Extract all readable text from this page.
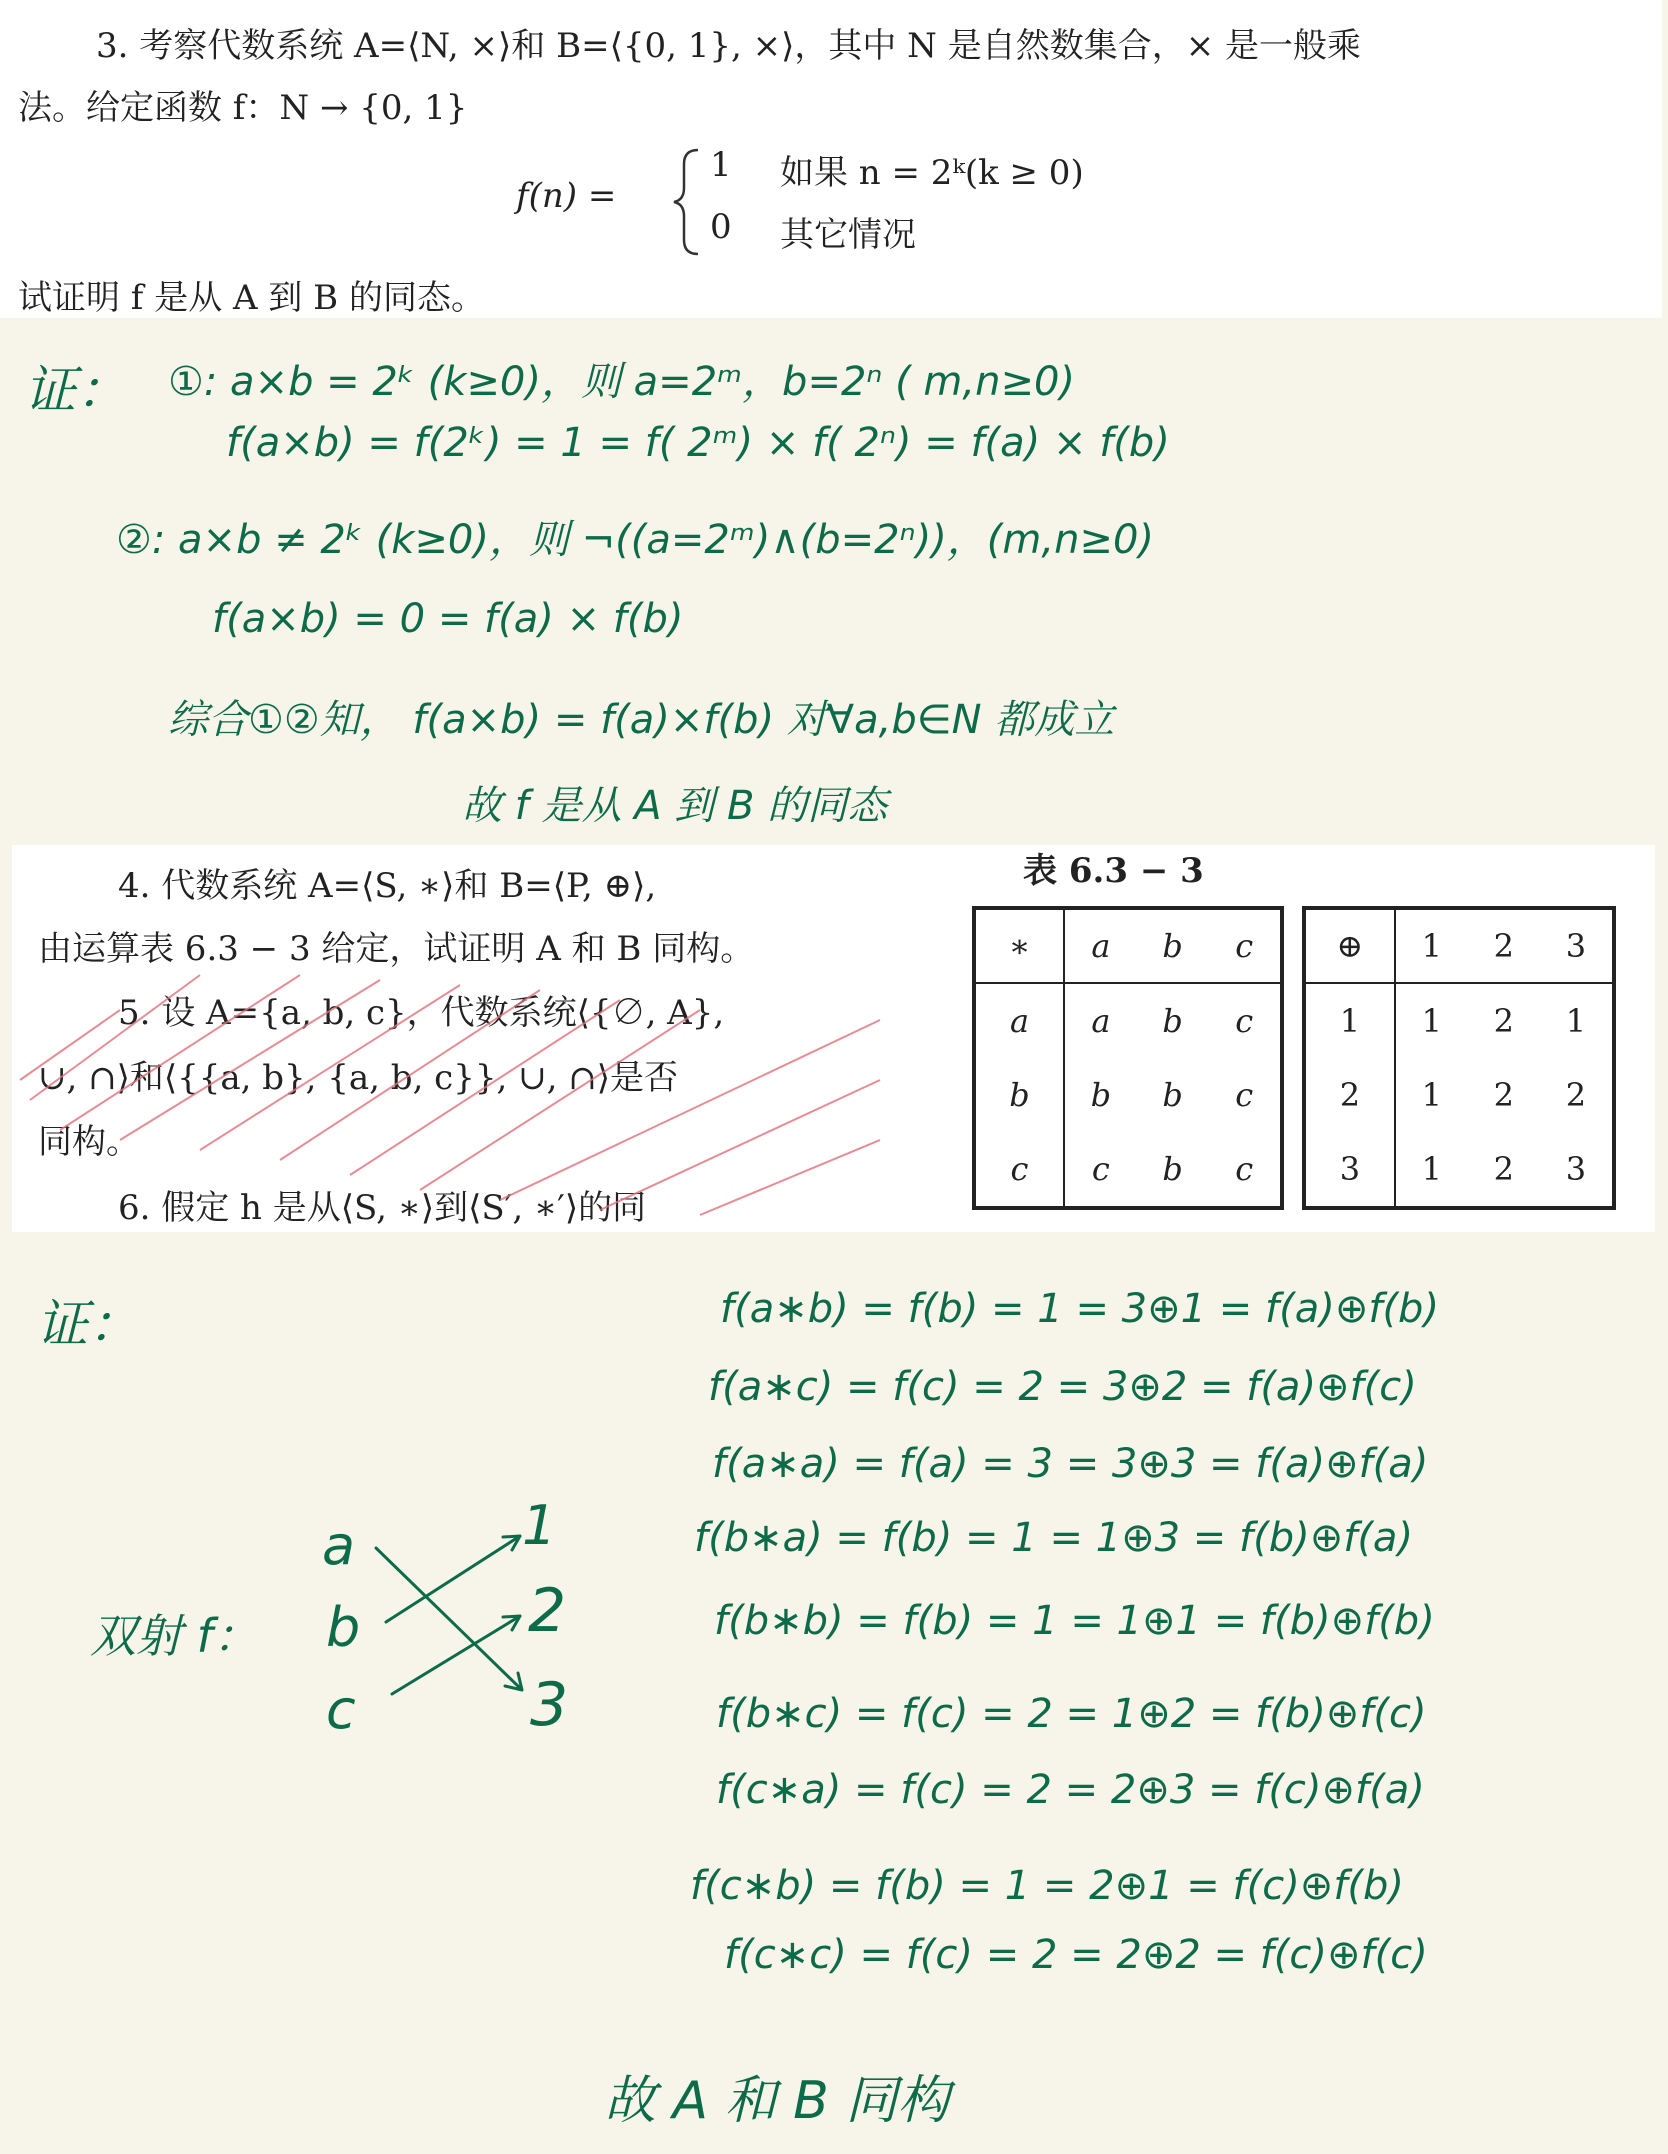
3. 考察代数系统 A=⟨N, ×⟩和 B=⟨{0, 1}, ×⟩，其中 N 是自然数集合，× 是一般乘
法。给定函数 f：N → {0, 1}
f(n) =
1 如果 n = 2ᵏ(k ≥ 0)
0 其它情况
试证明 f 是从 A 到 B 的同态。
证： ①: a×b = 2ᵏ (k≥0)，则 a=2ᵐ，b=2ⁿ ( m,n≥0)
f(a×b) = f(2ᵏ) = 1 = f( 2ᵐ) × f( 2ⁿ) = f(a) × f(b)
②: a×b ≠ 2ᵏ (k≥0)，则 ¬((a=2ᵐ)∧(b=2ⁿ))，(m,n≥0)
f(a×b) = 0 = f(a) × f(b)
综合①②知， f(a×b) = f(a)×f(b) 对∀a,b∈N 都成立
故 f 是从 A 到 B 的同态
4. 代数系统 A=⟨S, ∗⟩和 B=⟨P, ⊕⟩,
由运算表 6.3 − 3 给定，试证明 A 和 B 同构。
5. 设 A={a, b, c}，代数系统⟨{∅, A},
∪, ∩⟩和⟨{{a, b}, {a, b, c}}, ∪, ∩⟩是否
同构。
6. 假定 h 是从⟨S, ∗⟩到⟨S′, ∗′⟩的同
表 6.3 − 3
∗	a	b	c
a	a	b	c
b	b	b	c
c	c	b	c
⊕	1	2	3
1	1	2	1
2	1	2	2
3	1	2	3
证：
双射 f：
a
b
c
1
2
3
f(a∗b) = f(b) = 1 = 3⊕1 = f(a)⊕f(b)
f(a∗c) = f(c) = 2 = 3⊕2 = f(a)⊕f(c)
f(a∗a) = f(a) = 3 = 3⊕3 = f(a)⊕f(a)
f(b∗a) = f(b) = 1 = 1⊕3 = f(b)⊕f(a)
f(b∗b) = f(b) = 1 = 1⊕1 = f(b)⊕f(b)
f(b∗c) = f(c) = 2 = 1⊕2 = f(b)⊕f(c)
f(c∗a) = f(c) = 2 = 2⊕3 = f(c)⊕f(a)
f(c∗b) = f(b) = 1 = 2⊕1 = f(c)⊕f(b)
f(c∗c) = f(c) = 2 = 2⊕2 = f(c)⊕f(c)
故 A 和 B 同构
